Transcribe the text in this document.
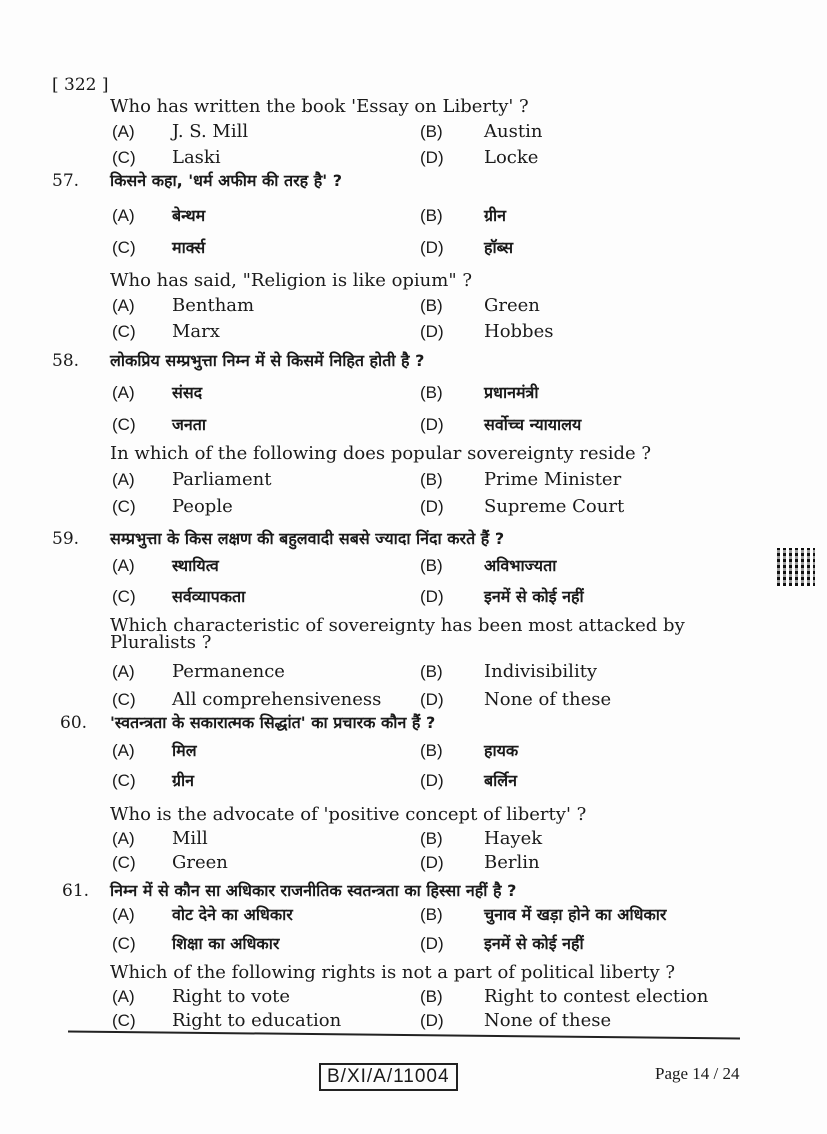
[ 322 ]
B/XI/A/11004	Page 14 / 24
Who has written the book 'Essay on Liberty' ?
(A) J. S. Mill	(B) Austin
(C) Laski	(D) Locke
57. किसने कहा, 'धर्म अफीम की तरह है' ?
(A) बेन्थम	(B)	ग्रीन
(C) मार्क्स	(D)	हॉब्स
Who has said, "Religion is like opium" ?
(A) Bentham	(B) Green
(C) Marx	(D) Hobbes
58. लोकप्रिय सम्प्रभुत्ता निम्न में से किसमें निहित होती है ?
(A) संसद	(B)	प्रधानमंत्री
(C) जनता	(D)	सर्वोच्च न्यायालय
In which of the following does popular sovereignty reside ?
(A) Parliament	(B) Prime Minister
(C) People	(D) Supreme Court
59. सम्प्रभुत्ता के किस लक्षण की बहुलवादी सबसे ज्यादा निंदा करते हैं ?
(A) स्थायित्व	(B)	अविभाज्यता
(C) सर्वव्यापकता	(D)	इनमें से कोई नहीं
Which characteristic of sovereignty has been most attacked by
Pluralists ?
(A) Permanence	(B) Indivisibility
(C) All comprehensiveness (D) None of these
60. 'स्वतन्त्रता के सकारात्मक सिद्धांत' का प्रचारक कौन हैं ?
(A) मिल	(B)	हायक
(C) ग्रीन	(D)	बर्लिन
Who is the advocate of 'positive concept of liberty' ?
(A) Mill	(B) Hayek
(C) Green	(D) Berlin
61. निम्न में से कौन सा अधिकार राजनीतिक स्वतन्त्रता का हिस्सा नहीं है ?
(A) वोट देने का अधिकार	(B)	चुनाव में खड़ा होने का अधिकार
(C) शिक्षा का अधिकार	(D)	इनमें से कोई नहीं
Which of the following rights is not a part of political liberty ?
(A) Right to vote	(B) Right to contest election
(C) Right to education	(D) None of these
